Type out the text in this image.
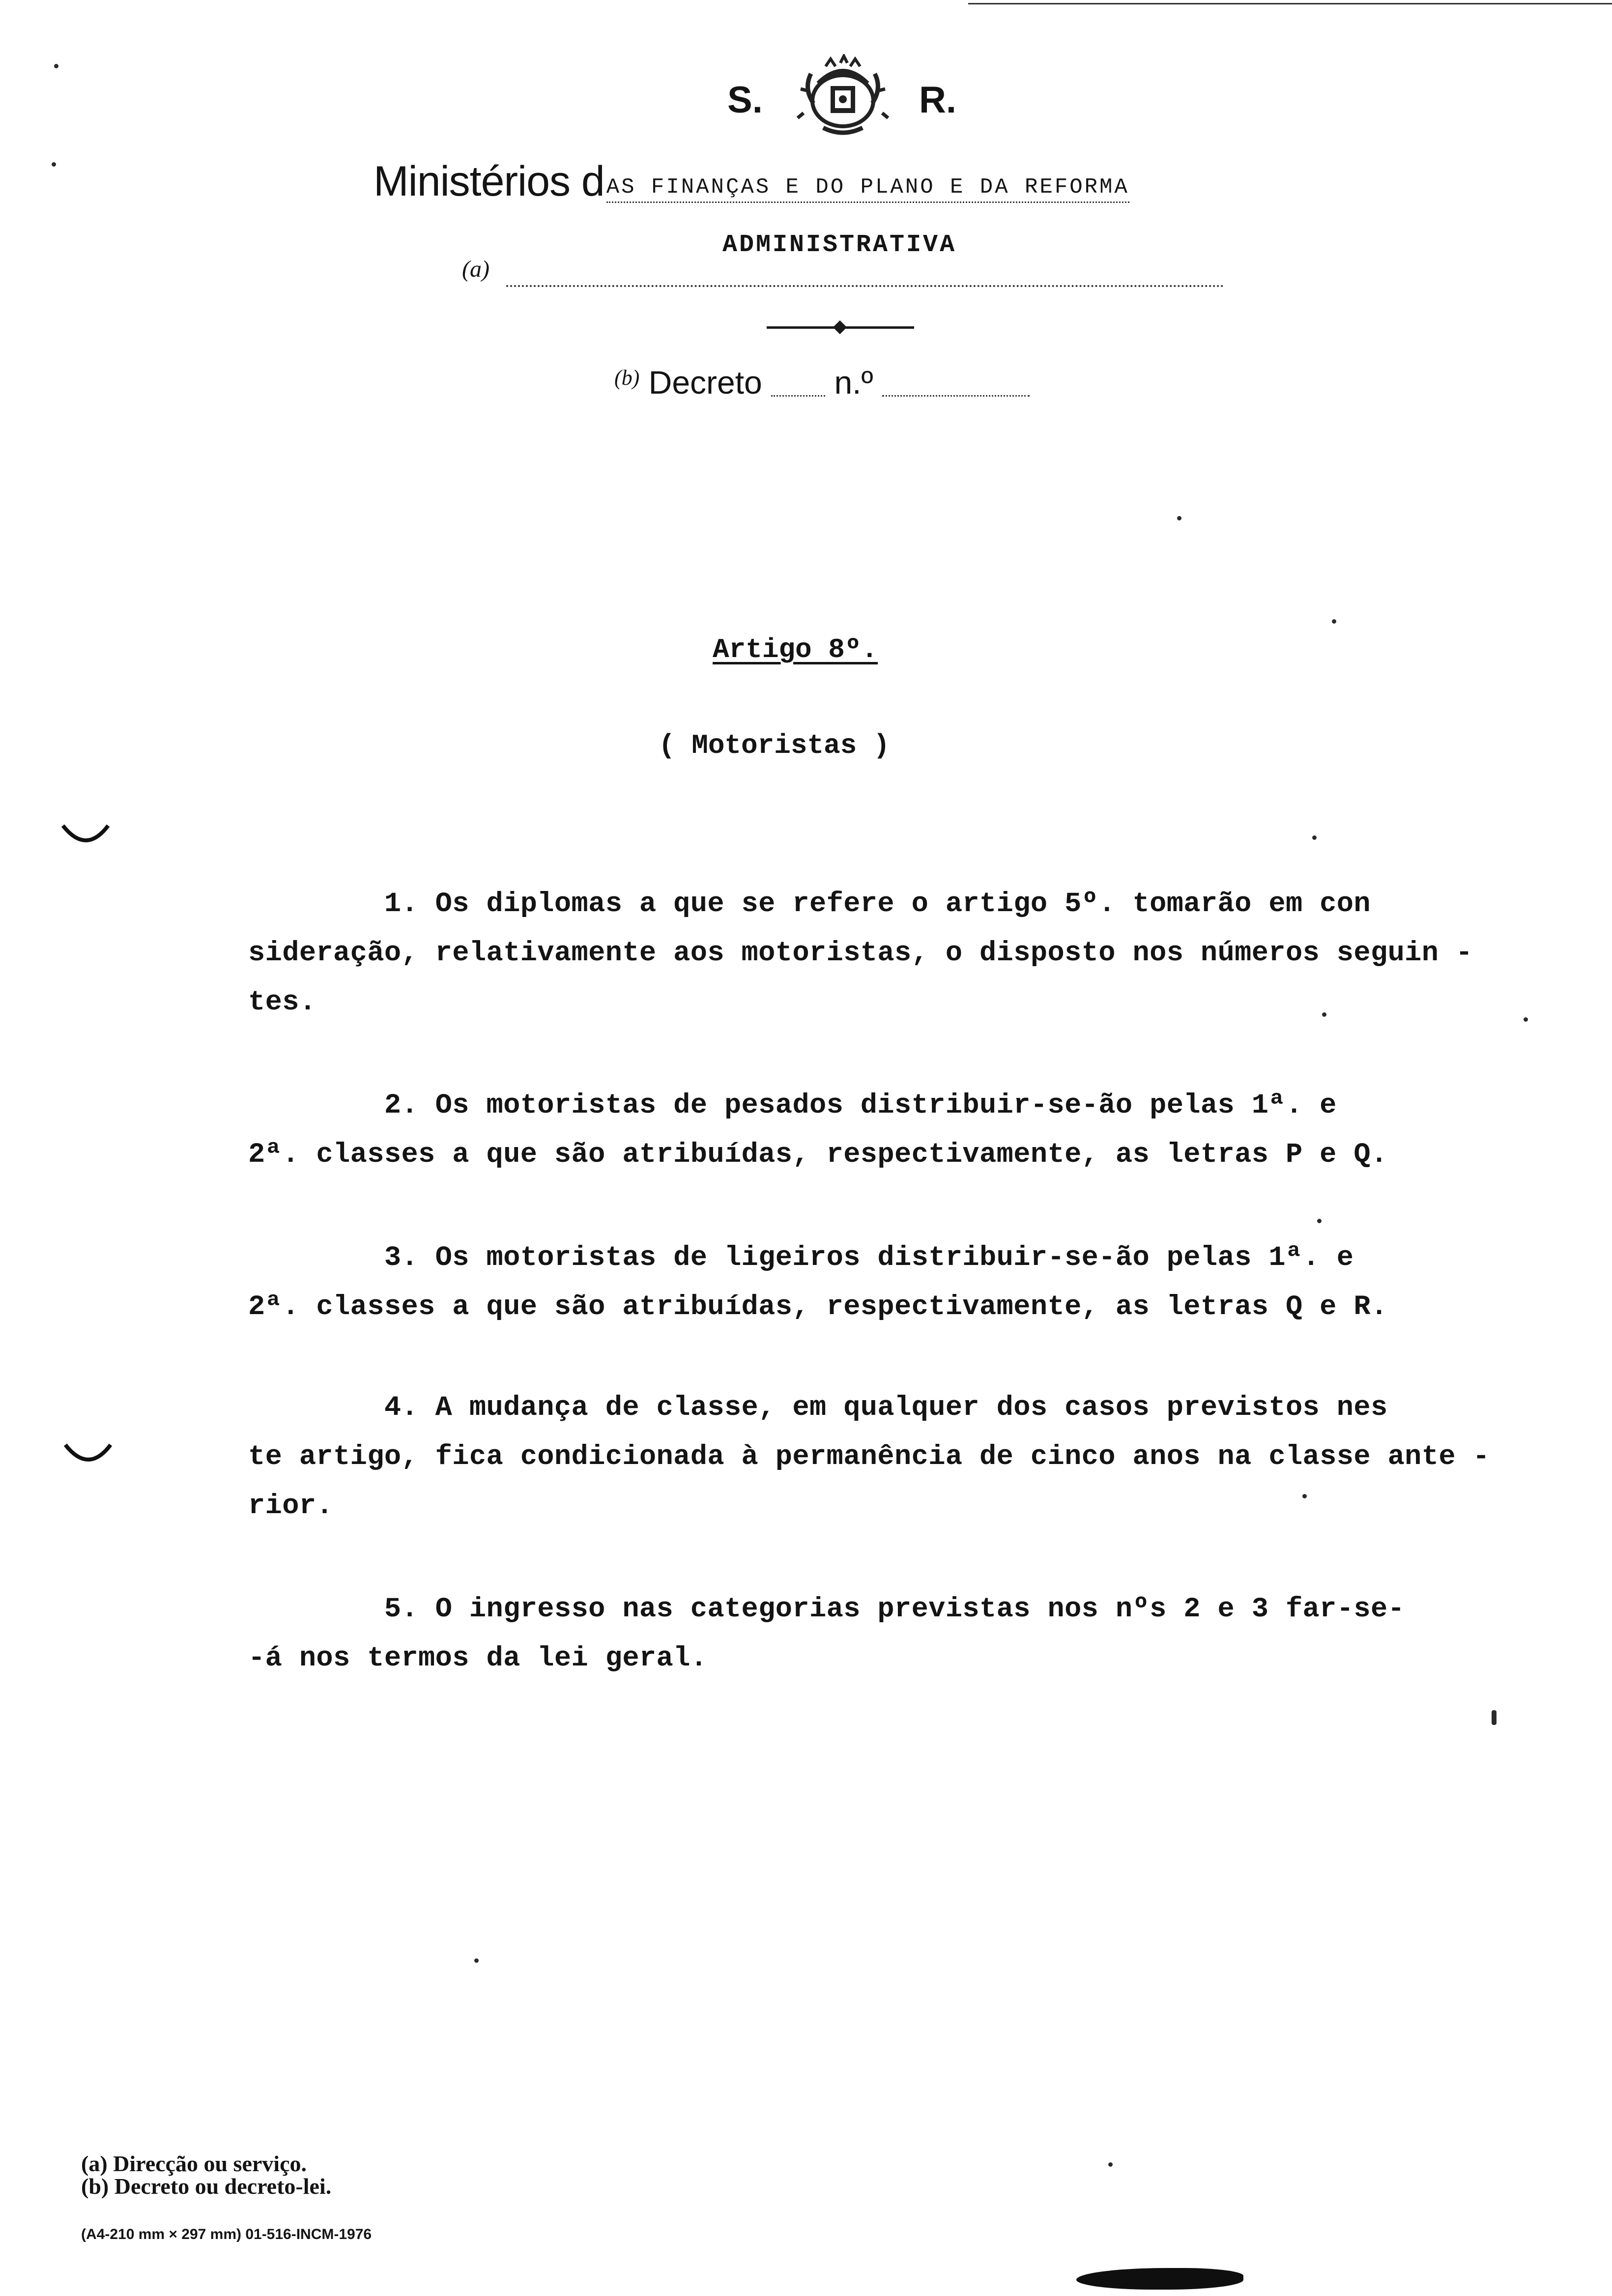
S.	R.
Ministérios dAS FINANÇAS E DO PLANO E DA REFORMA
ADMINISTRATIVA
(a)
$^{(b)}$ Decreto n.º
Artigo 8º.
( Motoristas )
1. Os diplomas a que se refere o artigo 5º. tomarão em con
sideração, relativamente aos motoristas, o disposto nos números seguin -
tes.
2. Os motoristas de pesados distribuir-se-ão pelas 1ª. e
2ª. classes a que são atribuídas, respectivamente, as letras P e Q.
3. Os motoristas de ligeiros distribuir-se-ão pelas 1ª. e
2ª. classes a que são atribuídas, respectivamente, as letras Q e R.
4. A mudança de classe, em qualquer dos casos previstos nes
te artigo, fica condicionada à permanência de cinco anos na classe ante -
rior.
5. O ingresso nas categorias previstas nos nºs 2 e 3 far-se-
-á nos termos da lei geral.
(a) Direcção ou serviço.
(b) Decreto ou decreto-lei.
(A4-210 mm × 297 mm) 01-516-INCM-1976
